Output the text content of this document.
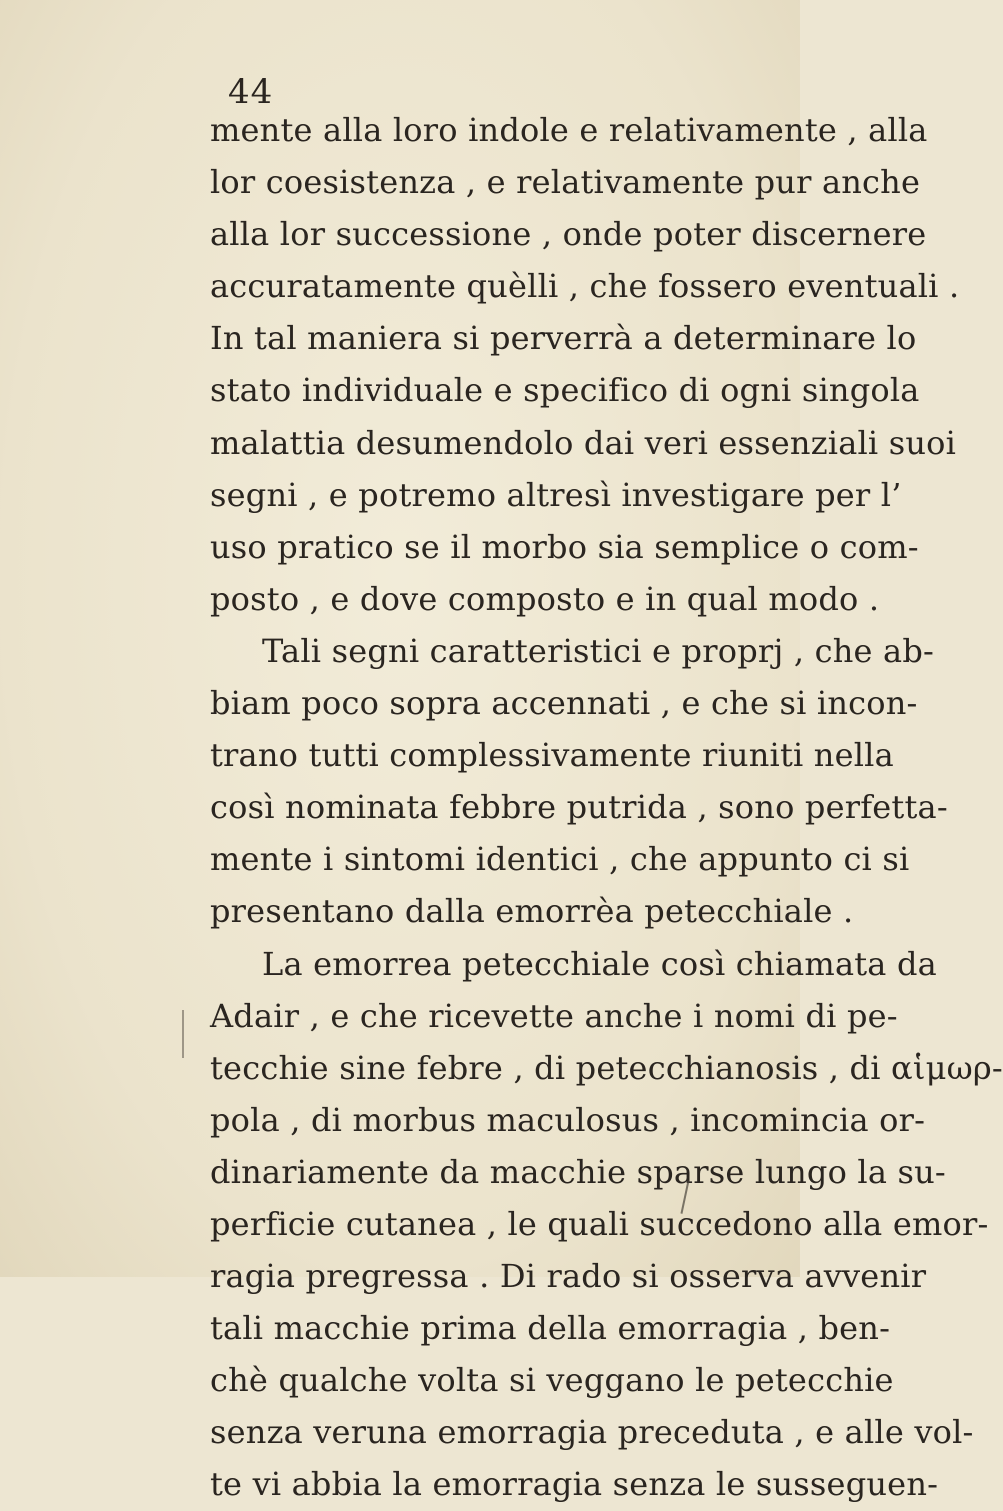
44
mente alla loro indole e relativamente , alla
lor coesistenza , e relativamente pur anche
alla lor successione , onde poter discernere
accuratamente quèlli , che fossero eventuali .
In tal maniera si perverrà a determinare lo
stato individuale e specifico di ogni singola
malattia desumendolo dai veri essenziali suoi
segni , e potremo altresì investigare per l’
uso pratico se il morbo sia semplice o com-
posto , e dove composto e in qual modo .
Tali segni caratteristici e proprj , che ab-
biam poco sopra accennati , e che si incon-
trano tutti complessivamente riuniti nella
così nominata febbre putrida , sono perfetta-
mente i sintomi identici , che appunto ci si
presentano dalla emorrèa petecchiale .
La emorrea petecchiale così chiamata da
Adair , e che ricevette anche i nomi di pe-
tecchie sine febre , di petecchianosis , di αἱμωρ-
pola , di morbus maculosus , incomincia or-
dinariamente da macchie sparse lungo la su-
perficie cutanea , le quali succedono alla emor-
ragia pregressa . Di rado si osserva avvenir
tali macchie prima della emorragia , ben-
chè qualche volta si veggano le petecchie
senza veruna emorragia preceduta , e alle vol-
te vi abbia la emorragia senza le susseguen-
